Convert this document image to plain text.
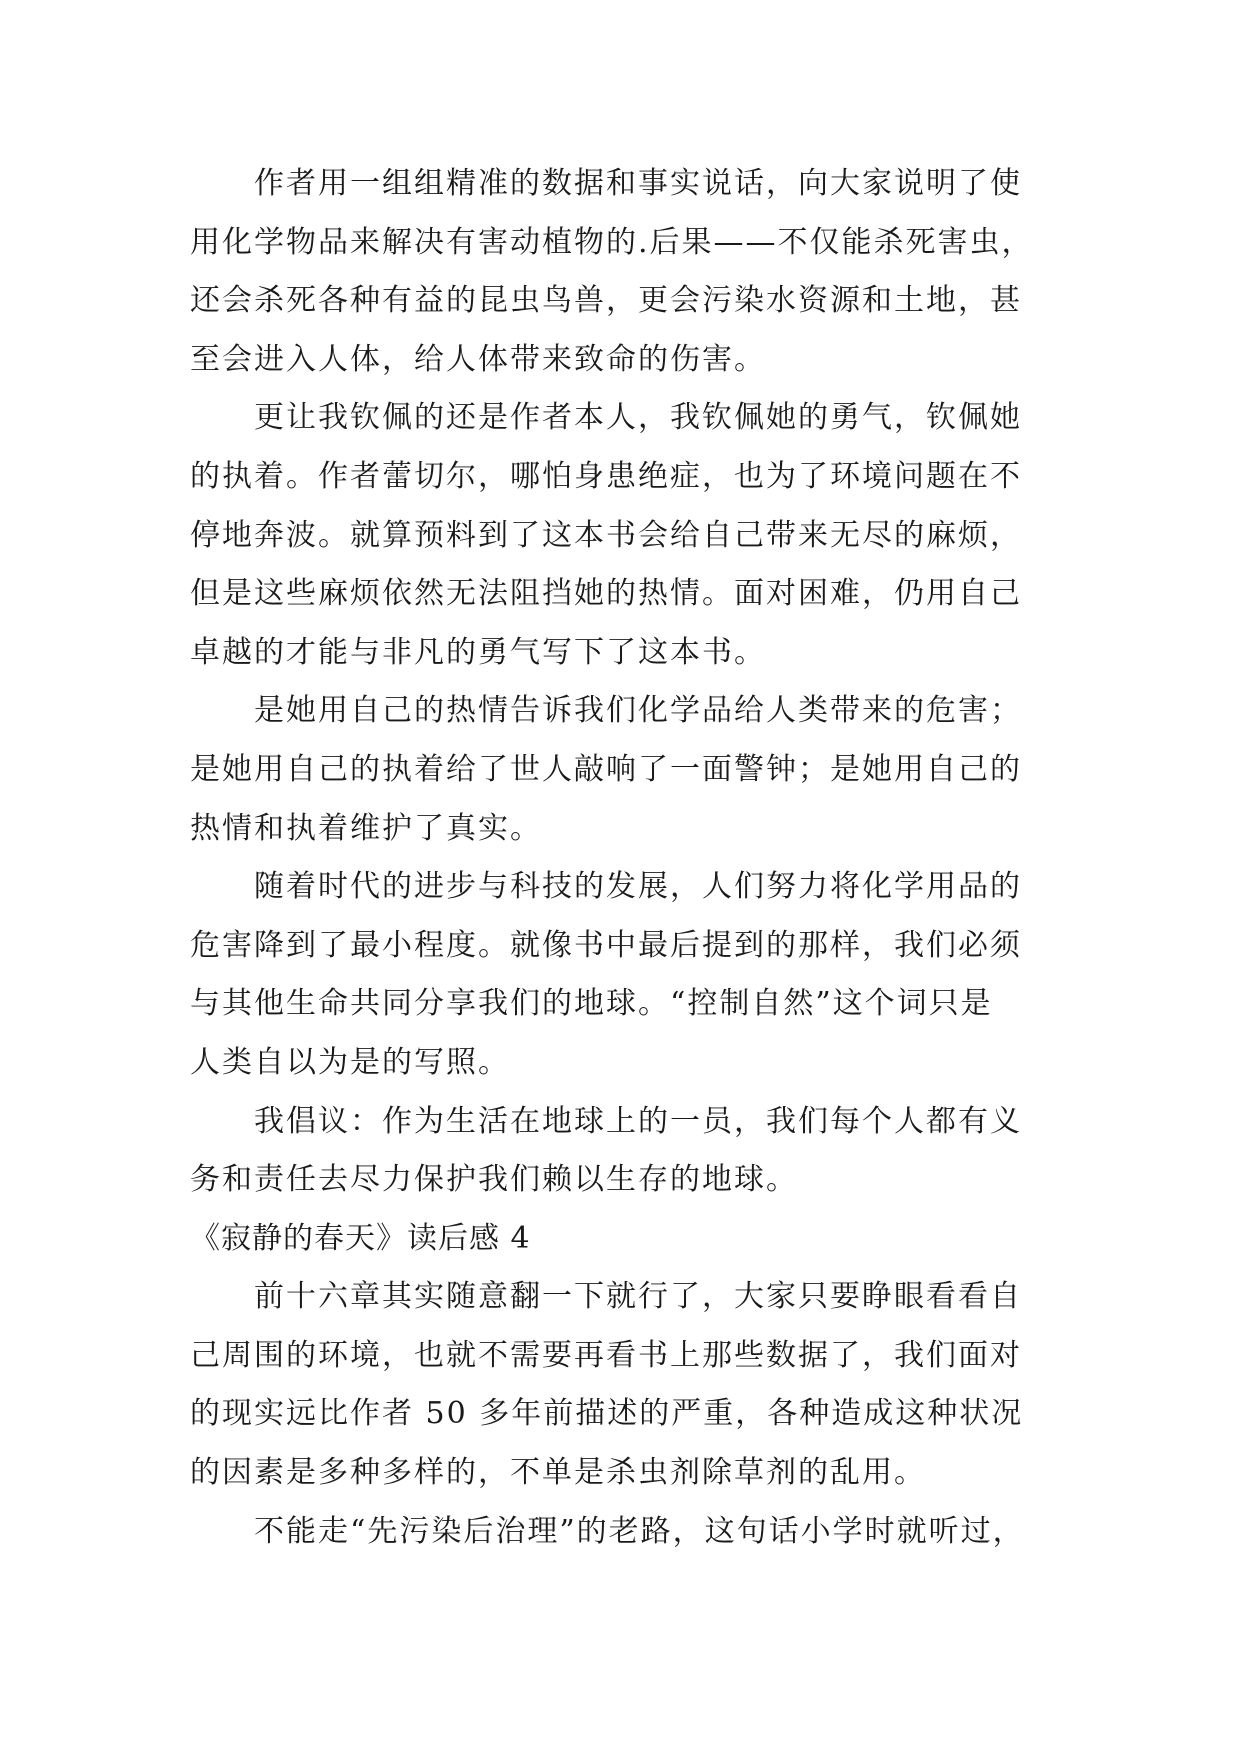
作者用一组组精准的数据和事实说话，向大家说明了使
用化学物品来解决有害动植物的.后果——不仅能杀死害虫，
还会杀死各种有益的昆虫鸟兽，更会污染水资源和土地，甚
至会进入人体，给人体带来致命的伤害。
更让我钦佩的还是作者本人，我钦佩她的勇气，钦佩她
的执着。作者蕾切尔，哪怕身患绝症，也为了环境问题在不
停地奔波。就算预料到了这本书会给自己带来无尽的麻烦，
但是这些麻烦依然无法阻挡她的热情。面对困难，仍用自己
卓越的才能与非凡的勇气写下了这本书。
是她用自己的热情告诉我们化学品给人类带来的危害；
是她用自己的执着给了世人敲响了一面警钟；是她用自己的
热情和执着维护了真实。
随着时代的进步与科技的发展，人们努力将化学用品的
危害降到了最小程度。就像书中最后提到的那样，我们必须
与其他生命共同分享我们的地球。“控制自然”这个词只是
人类自以为是的写照。
我倡议：作为生活在地球上的一员，我们每个人都有义
务和责任去尽力保护我们赖以生存的地球。
《寂静的春天》读后感 4
前十六章其实随意翻一下就行了，大家只要睁眼看看自
己周围的环境，也就不需要再看书上那些数据了，我们面对
的现实远比作者 50 多年前描述的严重，各种造成这种状况
的因素是多种多样的，不单是杀虫剂除草剂的乱用。
不能走“先污染后治理”的老路，这句话小学时就听过，
